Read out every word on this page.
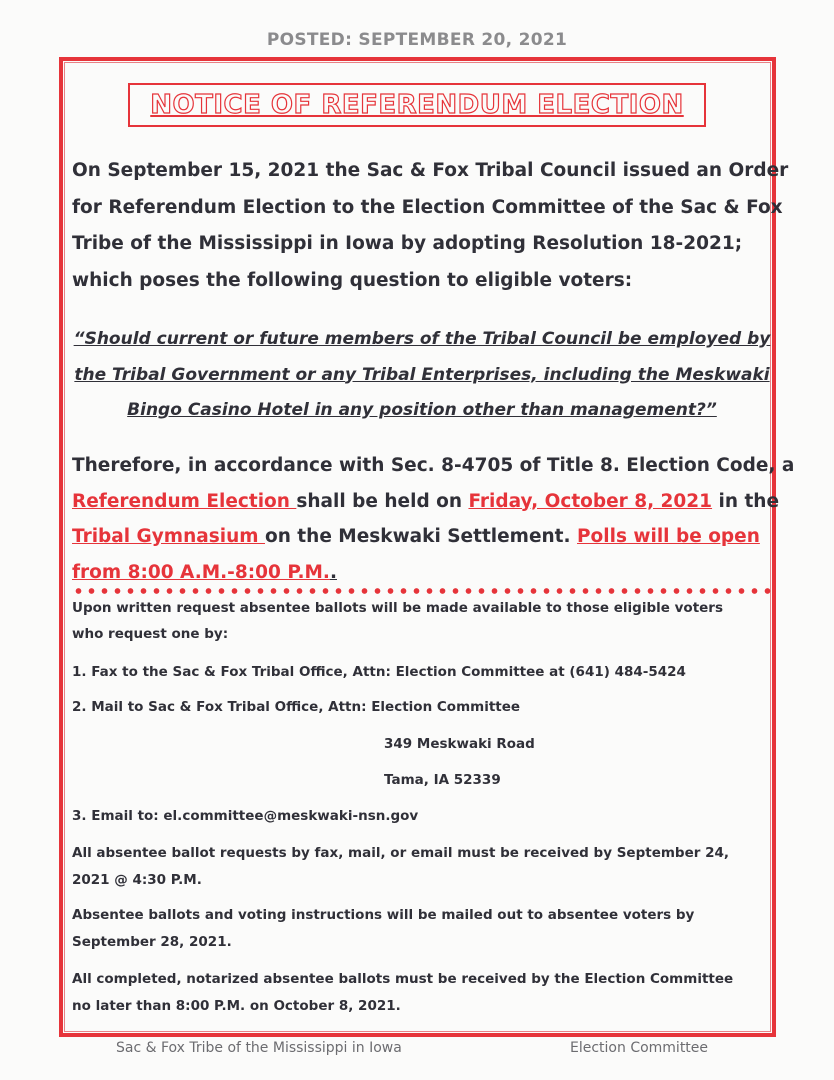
POSTED: SEPTEMBER 20, 2021
NOTICE OF REFERENDUM ELECTION
On September 15, 2021 the Sac & Fox Tribal Council issued an Order
for Referendum Election to the Election Committee of the Sac & Fox
Tribe of the Mississippi in Iowa by adopting Resolution 18-2021;
which poses the following question to eligible voters:
“Should current or future members of the Tribal Council be employed by
the Tribal Government or any Tribal Enterprises, including the Meskwaki
Bingo Casino Hotel in any position other than management?”
Therefore, in accordance with Sec. 8-4705 of Title 8. Election Code, a
Referendum Election shall be held on Friday, October 8, 2021 in the
Tribal Gymnasium on the Meskwaki Settlement. Polls will be open
from 8:00 A.M.-8:00 P.M..
Upon written request absentee ballots will be made available to those eligible voters
who request one by:
1. Fax to the Sac & Fox Tribal Office, Attn: Election Committee at (641) 484-5424
2. Mail to Sac & Fox Tribal Office, Attn: Election Committee
349 Meskwaki Road
Tama, IA 52339
3. Email to: el.committee@meskwaki-nsn.gov
All absentee ballot requests by fax, mail, or email must be received by September 24,
2021 @ 4:30 P.M.
Absentee ballots and voting instructions will be mailed out to absentee voters by
September 28, 2021.
All completed, notarized absentee ballots must be received by the Election Committee
no later than 8:00 P.M. on October 8, 2021.
Sac & Fox Tribe of the Mississippi in Iowa	Election Committee
